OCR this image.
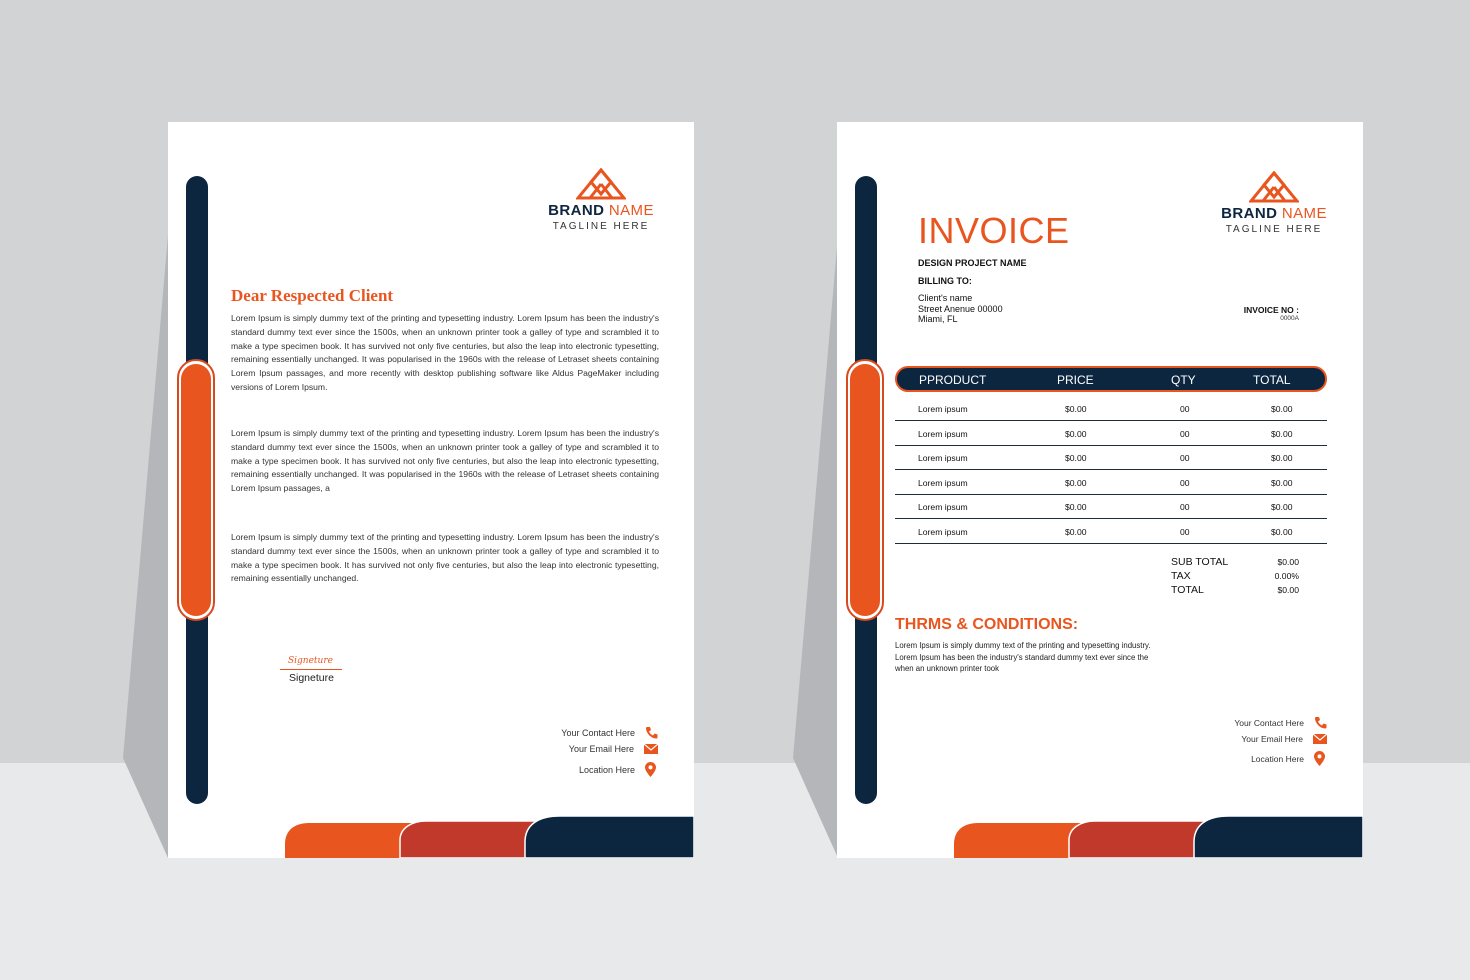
BRAND NAME
TAGLINE HERE
Dear Respected Client
Lorem Ipsum is simply dummy text of the printing and typesetting industry. Lorem Ipsum has been the industry's standard dummy text ever since the 1500s, when an unknown printer took a galley of type and scrambled it to make a type specimen book. It has survived not only five centuries, but also the leap into electronic typesetting, remaining essentially unchanged. It was popularised in the 1960s with the release of Letraset sheets containing Lorem Ipsum passages, and more recently with desktop publishing software like Aldus PageMaker including versions of Lorem Ipsum.
Lorem Ipsum is simply dummy text of the printing and typesetting industry. Lorem Ipsum has been the industry's standard dummy text ever since the 1500s, when an unknown printer took a galley of type and scrambled it to make a type specimen book. It has survived not only five centuries, but also the leap into electronic typesetting, remaining essentially unchanged. It was popularised in the 1960s with the release of Letraset sheets containing Lorem Ipsum passages, a
Lorem Ipsum is simply dummy text of the printing and typesetting industry. Lorem Ipsum has been the industry's standard dummy text ever since the 1500s, when an unknown printer took a galley of type and scrambled it to make a type specimen book. It has survived not only five centuries, but also the leap into electronic typesetting, remaining essentially unchanged.
Signeture
Signeture
Your Contact Here
Your Email Here
Location Here
BRAND NAME
TAGLINE HERE
INVOICE
DESIGN PROJECT NAME
BILLING TO:
Client's name
Street Anenue 00000
Miami, FL
INVOICE NO :
0000A
PPRODUCT	PRICE	QTY	TOTAL
Lorem ipsum	$0.00	00	$0.00
Lorem ipsum	$0.00	00	$0.00
Lorem ipsum	$0.00	00	$0.00
Lorem ipsum	$0.00	00	$0.00
Lorem ipsum	$0.00	00	$0.00
Lorem ipsum	$0.00	00	$0.00
SUB TOTAL	$0.00
TAX	0.00%
TOTAL	$0.00
THRMS & CONDITIONS:
Lorem Ipsum is simply dummy text of the printing and typesetting industry. Lorem Ipsum has been the industry's standard dummy text ever since the when an unknown printer took
Your Contact Here
Your Email Here
Location Here
